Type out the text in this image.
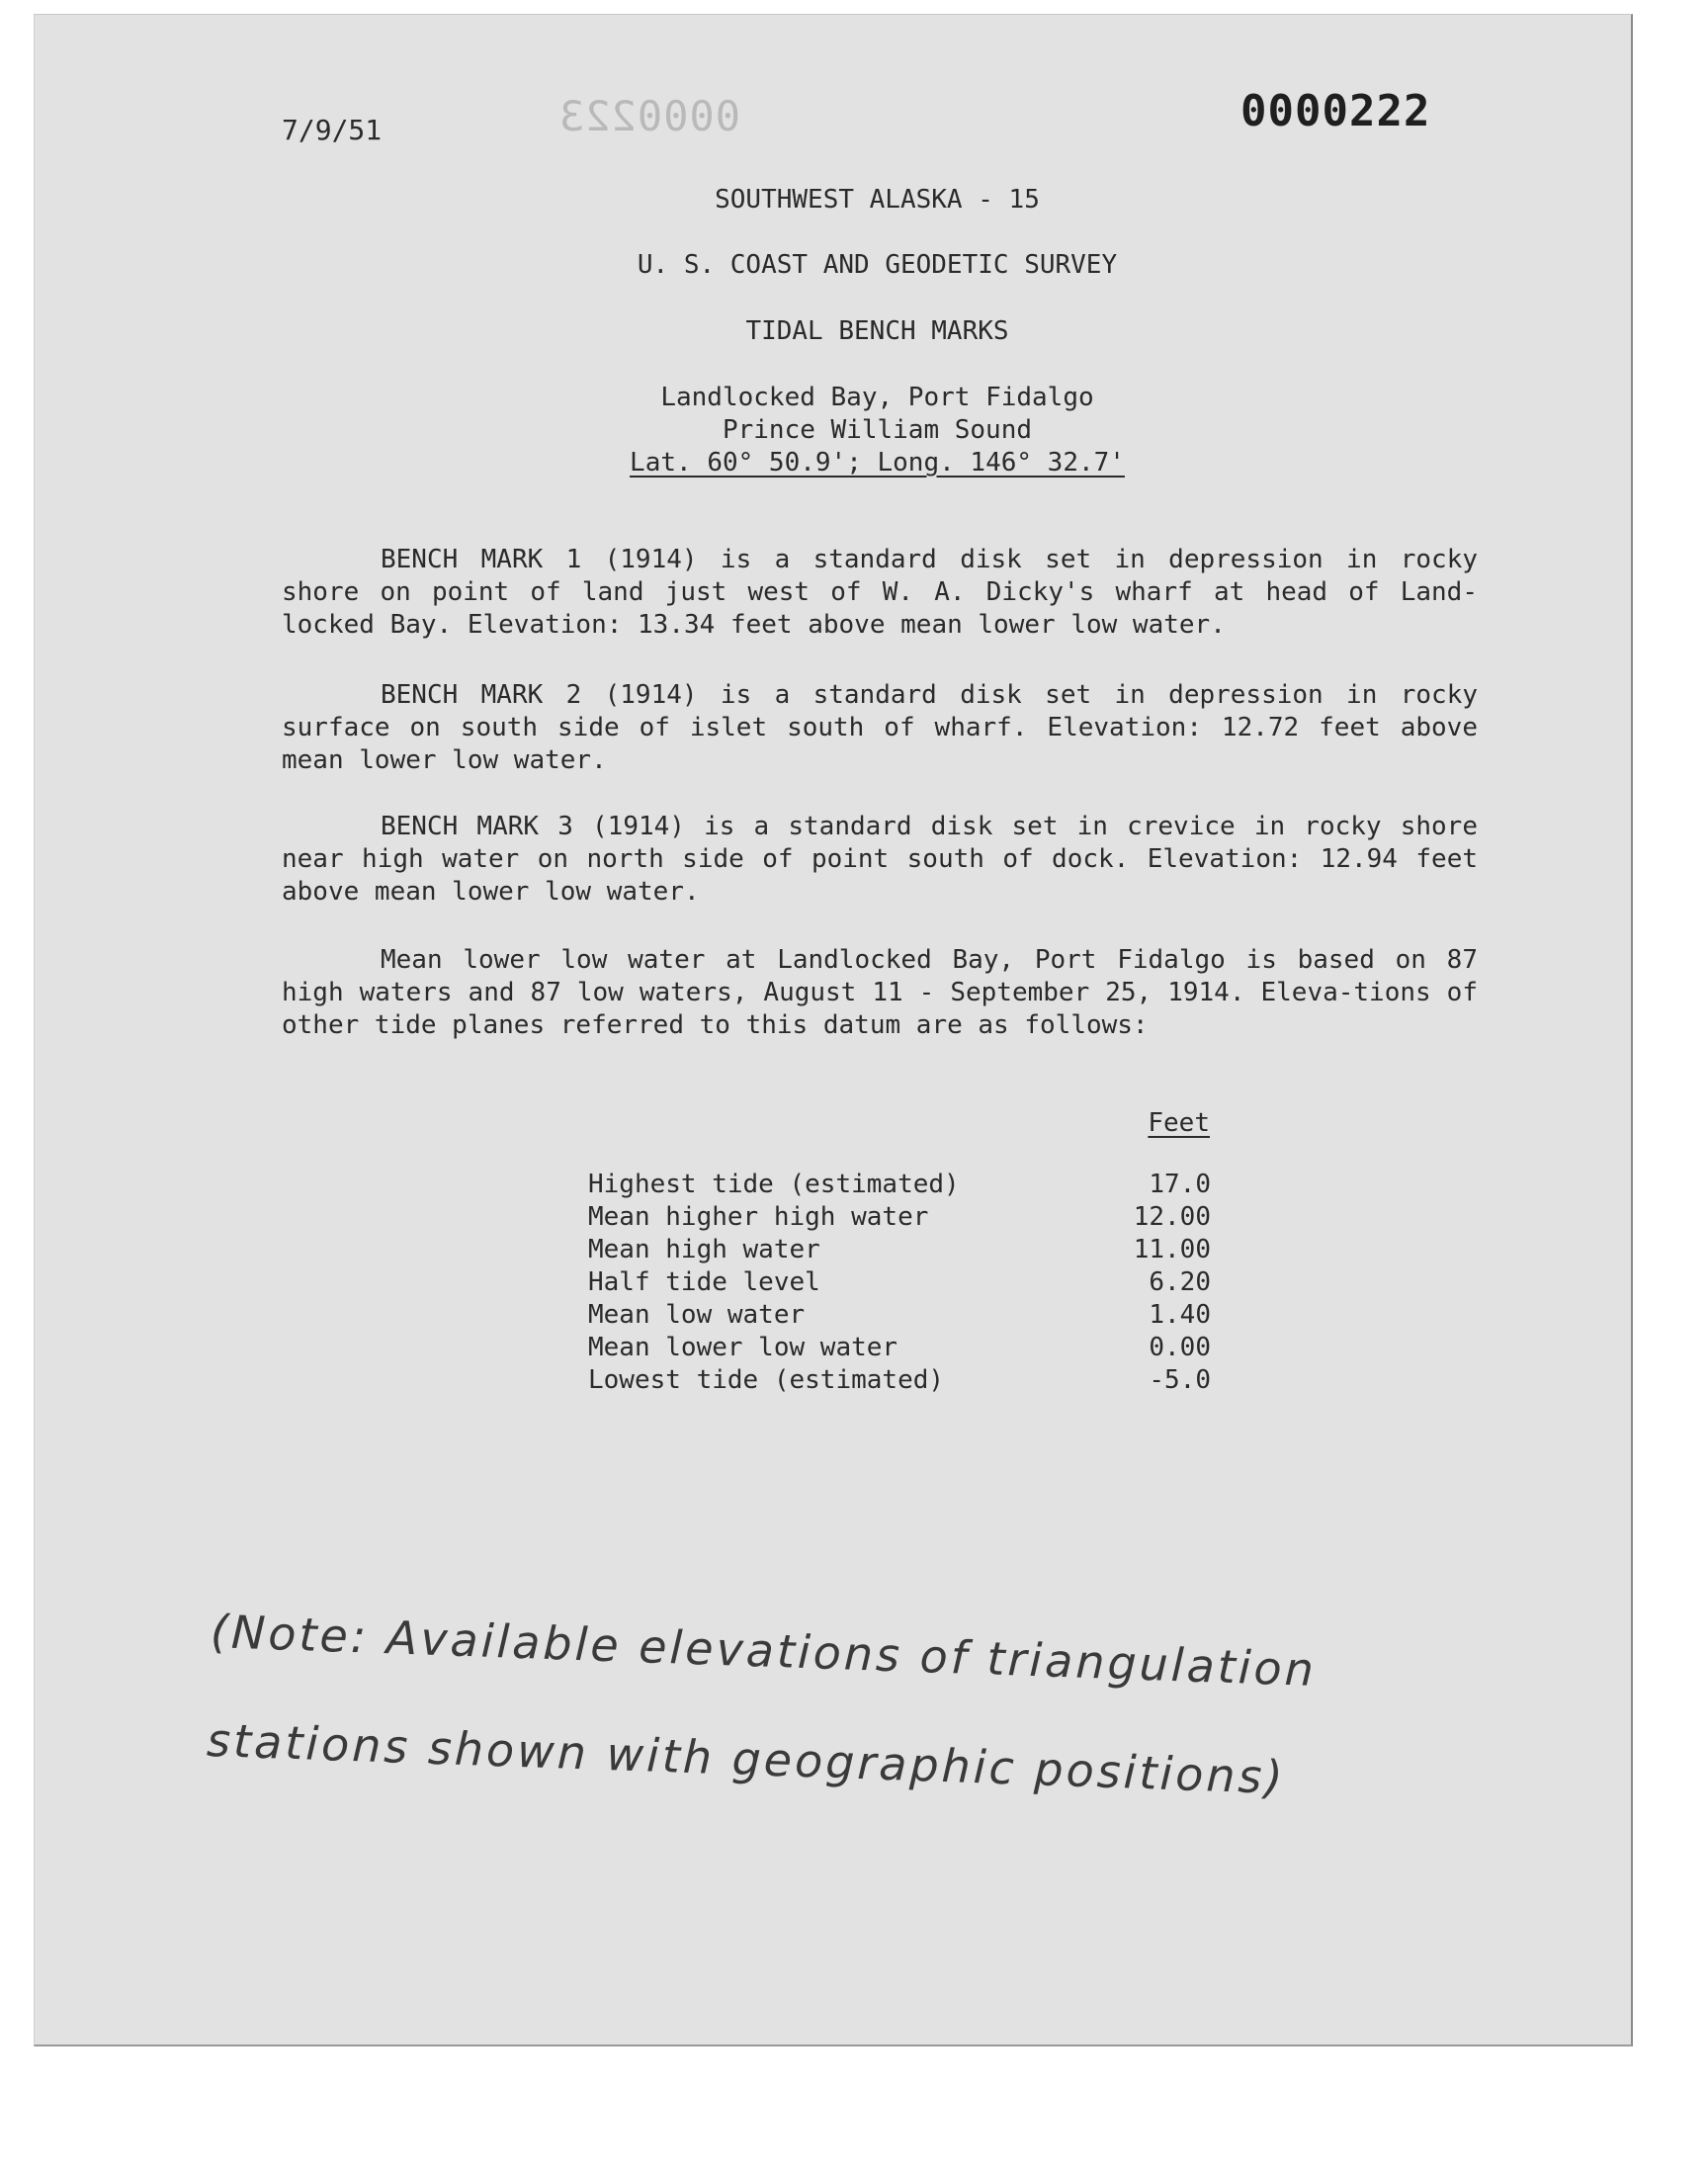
7/9/51	0000223	0000222
SOUTHWEST ALASKA - 15
U. S. COAST AND GEODETIC SURVEY
TIDAL BENCH MARKS
Landlocked Bay, Port Fidalgo
Prince William Sound
Lat. 60° 50.9'; Long. 146° 32.7'

BENCH MARK 1 (1914) is a standard disk set in depression in rocky shore on point of land just west of W. A. Dicky's wharf at head of Land-locked Bay. Elevation: 13.34 feet above mean lower low water.

BENCH MARK 2 (1914) is a standard disk set in depression in rocky surface on south side of islet south of wharf. Elevation: 12.72 feet above mean lower low water.

BENCH MARK 3 (1914) is a standard disk set in crevice in rocky shore near high water on north side of point south of dock. Elevation: 12.94 feet above mean lower low water.

Mean lower low water at Landlocked Bay, Port Fidalgo is based on 87 high waters and 87 low waters, August 11 - September 25, 1914. Eleva-tions of other tide planes referred to this datum are as follows:

	Feet
Highest tide (estimated)	17.0
Mean higher high water	12.00
Mean high water	11.00
Half tide level	6.20
Mean low water	1.40
Mean lower low water	0.00
Lowest tide (estimated)	-5.0
(Note: Available elevations of triangulation stations shown with geographic positions)
